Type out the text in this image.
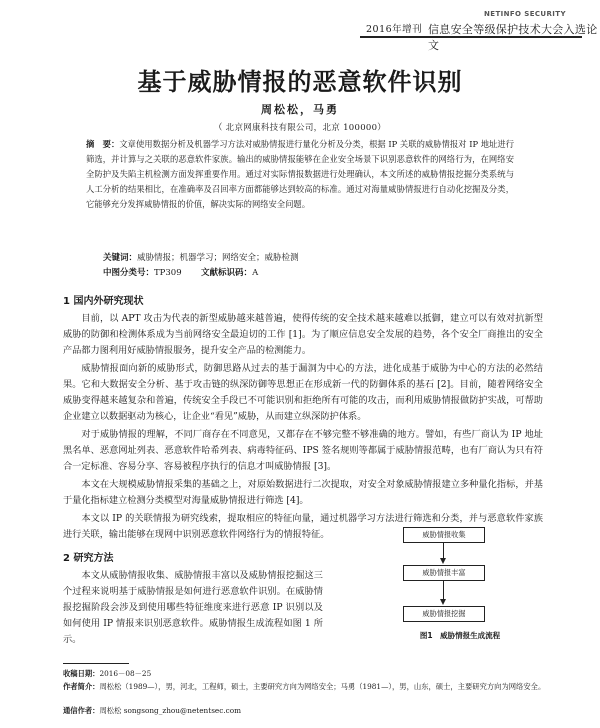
2016年增刊
NETINFO SECURITY
信息安全等级保护技术大会入选论文
基于威胁情报的恶意软件识别
周松松，马勇
（ 北京网康科技有限公司，北京 100000）
摘　要：文章使用数据分析及机器学习方法对威胁情报进行量化分析及分类，根据 IP 关联的威胁情报对 IP 地址进行筛选，并计算与之关联的恶意软件家族。输出的威胁情报能够在企业安全场景下识别恶意软件的网络行为，在网络安全防护及失陷主机检测方面发挥重要作用。通过对实际情报数据进行处理确认，本文所述的威胁情报挖掘分类系统与人工分析的结果相比，在准确率及召回率方面都能够达到较高的标准。通过对海量威胁情报进行自动化挖掘及分类，它能够充分发挥威胁情报的价值，解决实际的网络安全问题。
关键词：威胁情报；机器学习；网络安全；威胁检测
中图分类号：TP309 文献标识码：A
1 国内外研究现状
目前，以 APT 攻击为代表的新型威胁越来越普遍，使得传统的安全技术越来越难以抵御，建立可以有效对抗新型威胁的防御和检测体系成为当前网络安全最迫切的工作 [1]。为了顺应信息安全发展的趋势，各个安全厂商推出的安全产品都力图利用好威胁情报服务，提升安全产品的检测能力。
威胁情报面向新的威胁形式，防御思路从过去的基于漏洞为中心的方法，进化成基于威胁为中心的方法的必然结果。它和大数据安全分析、基于攻击链的纵深防御等思想正在形成新一代的防御体系的基石 [2]。目前，随着网络安全威胁变得越来越复杂和普遍，传统安全手段已不可能识别和拒绝所有可能的攻击，而利用威胁情报做防护实战，可帮助企业建立以数据驱动为核心，让企业“看见”威胁，从而建立纵深防护体系。
对于威胁情报的理解，不同厂商存在不同意见，又都存在不够完整不够准确的地方。譬如，有些厂商认为 IP 地址黑名单、恶意网址列表、恶意软件哈希列表、病毒特征码、IPS 签名规则等都属于威胁情报范畴，也有厂商认为只有符合一定标准、容易分享、容易被程序执行的信息才叫威胁情报 [3]。
本文在大规模威胁情报采集的基础之上，对原始数据进行二次提取，对安全对象威胁情报建立多种量化指标，并基于量化指标建立检测分类模型对海量威胁情报进行筛选 [4]。
本文以 IP 的关联情报为研究线索，提取相应的特征向量，通过机器学习方法进行筛选和分类，并与恶意软件家族进行关联，输出能够在现网中识别恶意软件网络行为的情报特征。
2 研究方法
本文从威胁情报收集、威胁情报丰富以及威胁情报挖掘这三个过程来说明基于威胁情报是如何进行恶意软件识别。在威胁情报挖掘阶段会涉及到使用哪些特征维度来进行恶意 IP 识别以及如何使用 IP 情报来识别恶意软件。威胁情报生成流程如图 1 所示。
威胁情报收集
威胁情报丰富
威胁情报挖掘
图1　威胁情报生成流程
收稿日期：2016－08－25
作者简介：周松松（1989—），男，河北，工程师，硕士，主要研究方向为网络安全；马勇（1981—），男，山东，硕士，主要研究方向为网络安全。
通信作者：周松松 songsong_zhou@netentsec.com
